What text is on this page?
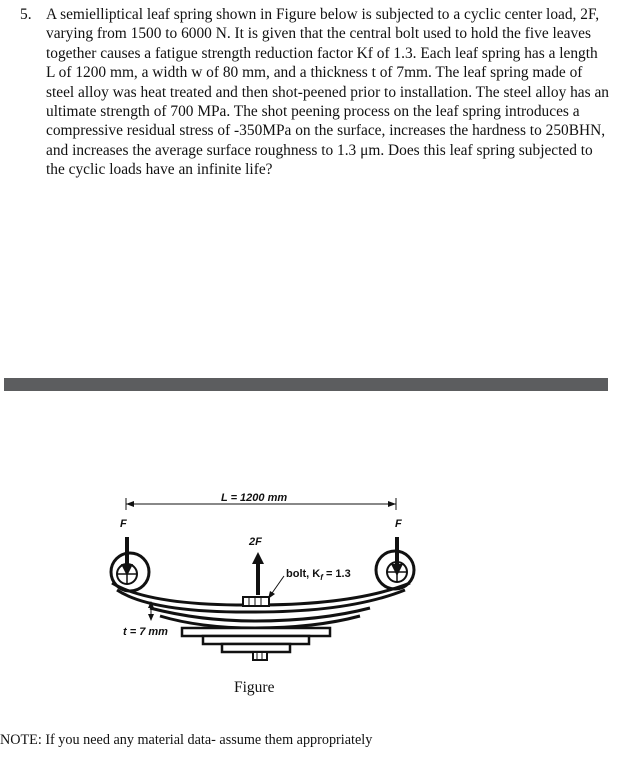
5. A semielliptical leaf spring shown in Figure below is subjected to a cyclic center load, 2F, varying from 1500 to 6000 N. It is given that the central bolt used to hold the five leaves together causes a fatigue strength reduction factor Kf of 1.3. Each leaf spring has a length L of 1200 mm, a width w of 80 mm, and a thickness t of 7mm. The leaf spring made of steel alloy was heat treated and then shot-peened prior to installation. The steel alloy has an ultimate strength of 700 MPa. The shot peening process on the leaf spring introduces a compressive residual stress of -350MPa on the surface, increases the hardness to 250BHN, and increases the average surface roughness to 1.3 μm. Does this leaf spring subjected to the cyclic loads have an infinite life?
L = 1200 mm
F	F
2F
bolt, $K_f = 1.3$
t = 7 mm
Figure
NOTE: If you need any material data- assume them appropriately
